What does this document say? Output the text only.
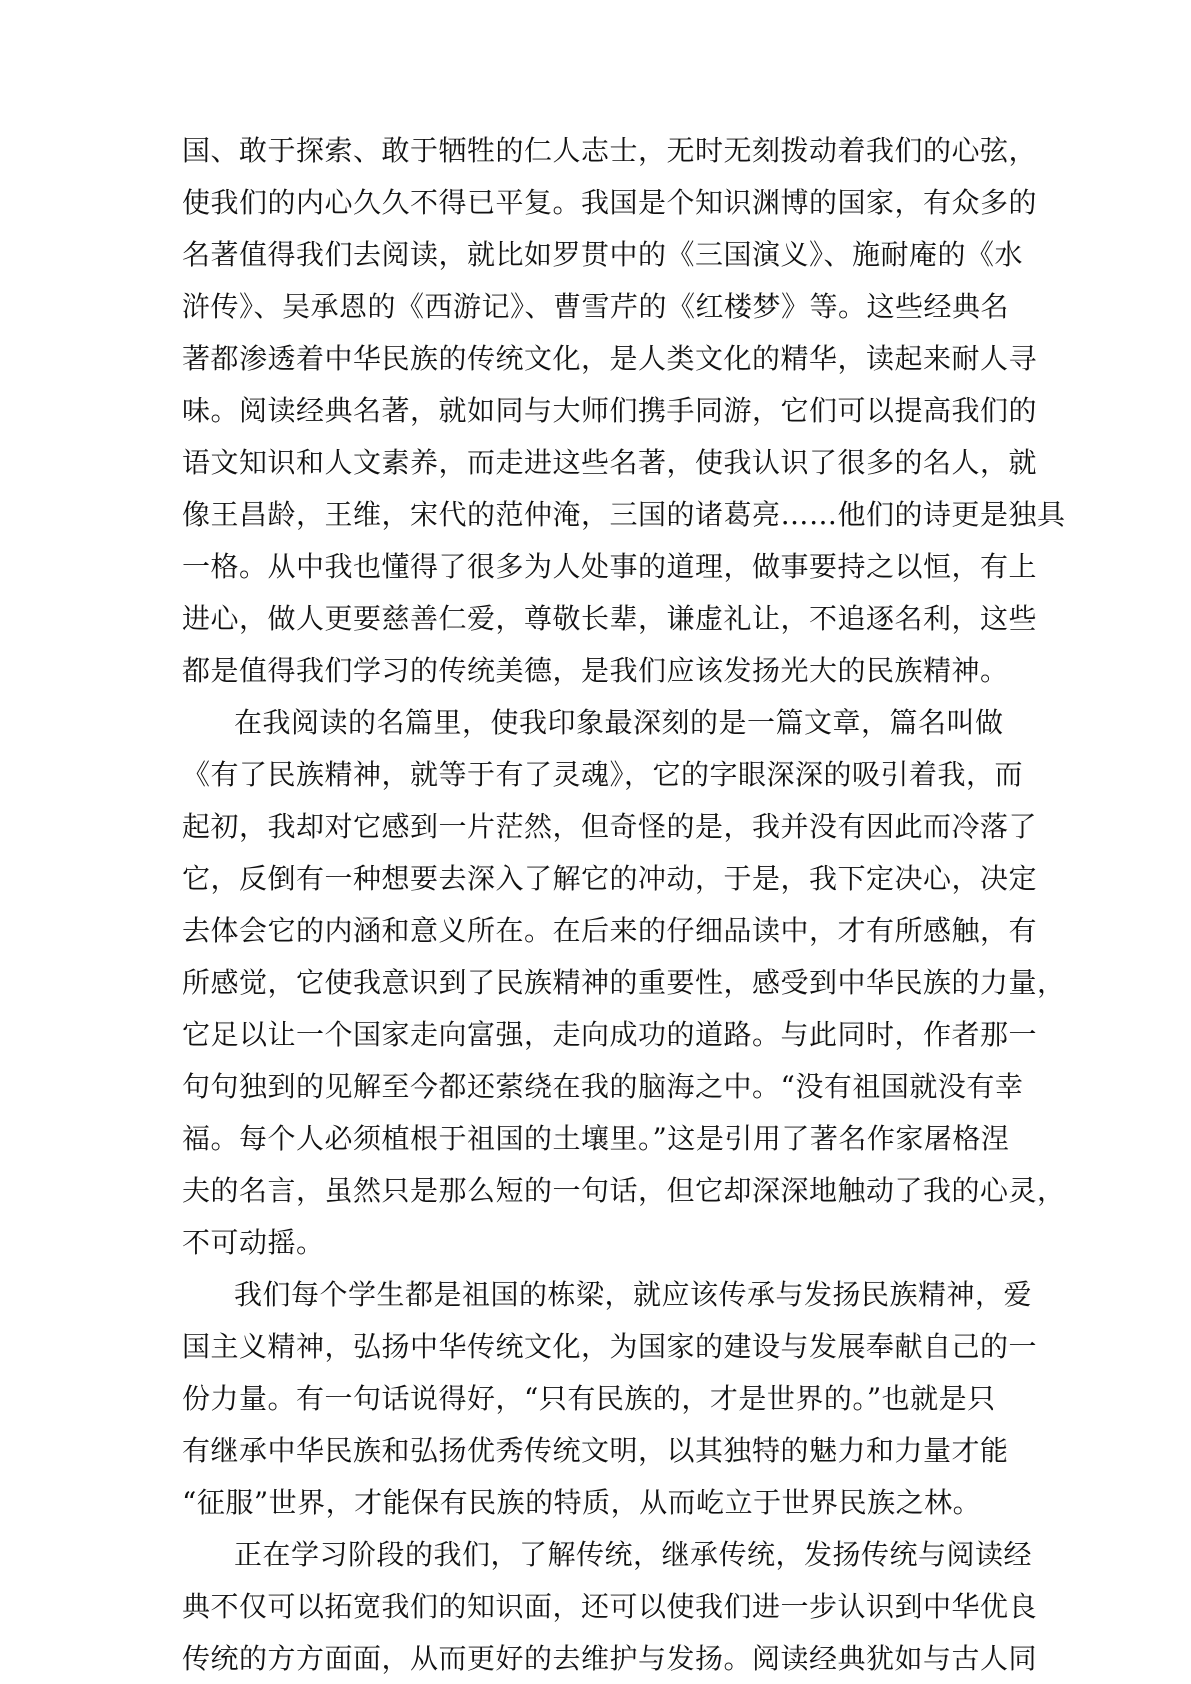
国、敢于探索、敢于牺牲的仁人志士，无时无刻拨动着我们的心弦，
使我们的内心久久不得已平复。我国是个知识渊博的国家，有众多的
名著值得我们去阅读，就比如罗贯中的《三国演义》、施耐庵的《水
浒传》、吴承恩的《西游记》、曹雪芹的《红楼梦》等。这些经典名
著都渗透着中华民族的传统文化，是人类文化的精华，读起来耐人寻
味。阅读经典名著，就如同与大师们携手同游，它们可以提高我们的
语文知识和人文素养，而走进这些名著，使我认识了很多的名人，就
像王昌龄，王维，宋代的范仲淹，三国的诸葛亮……他们的诗更是独具
一格。从中我也懂得了很多为人处事的道理，做事要持之以恒，有上
进心，做人更要慈善仁爱，尊敬长辈，谦虚礼让，不追逐名利，这些
都是值得我们学习的传统美德，是我们应该发扬光大的民族精神。
在我阅读的名篇里，使我印象最深刻的是一篇文章，篇名叫做
《有了民族精神，就等于有了灵魂》，它的字眼深深的吸引着我，而
起初，我却对它感到一片茫然，但奇怪的是，我并没有因此而冷落了
它，反倒有一种想要去深入了解它的冲动，于是，我下定决心，决定
去体会它的内涵和意义所在。在后来的仔细品读中，才有所感触，有
所感觉，它使我意识到了民族精神的重要性，感受到中华民族的力量，
它足以让一个国家走向富强，走向成功的道路。与此同时，作者那一
句句独到的见解至今都还萦绕在我的脑海之中。“没有祖国就没有幸
福。每个人必须植根于祖国的土壤里。”这是引用了著名作家屠格涅
夫的名言，虽然只是那么短的一句话，但它却深深地触动了我的心灵，
不可动摇。
我们每个学生都是祖国的栋梁，就应该传承与发扬民族精神，爱
国主义精神，弘扬中华传统文化，为国家的建设与发展奉献自己的一
份力量。有一句话说得好，“只有民族的，才是世界的。”也就是只
有继承中华民族和弘扬优秀传统文明，以其独特的魅力和力量才能
“征服”世界，才能保有民族的特质，从而屹立于世界民族之林。
正在学习阶段的我们，了解传统，继承传统，发扬传统与阅读经
典不仅可以拓宽我们的知识面，还可以使我们进一步认识到中华优良
传统的方方面面，从而更好的去维护与发扬。阅读经典犹如与古人同
